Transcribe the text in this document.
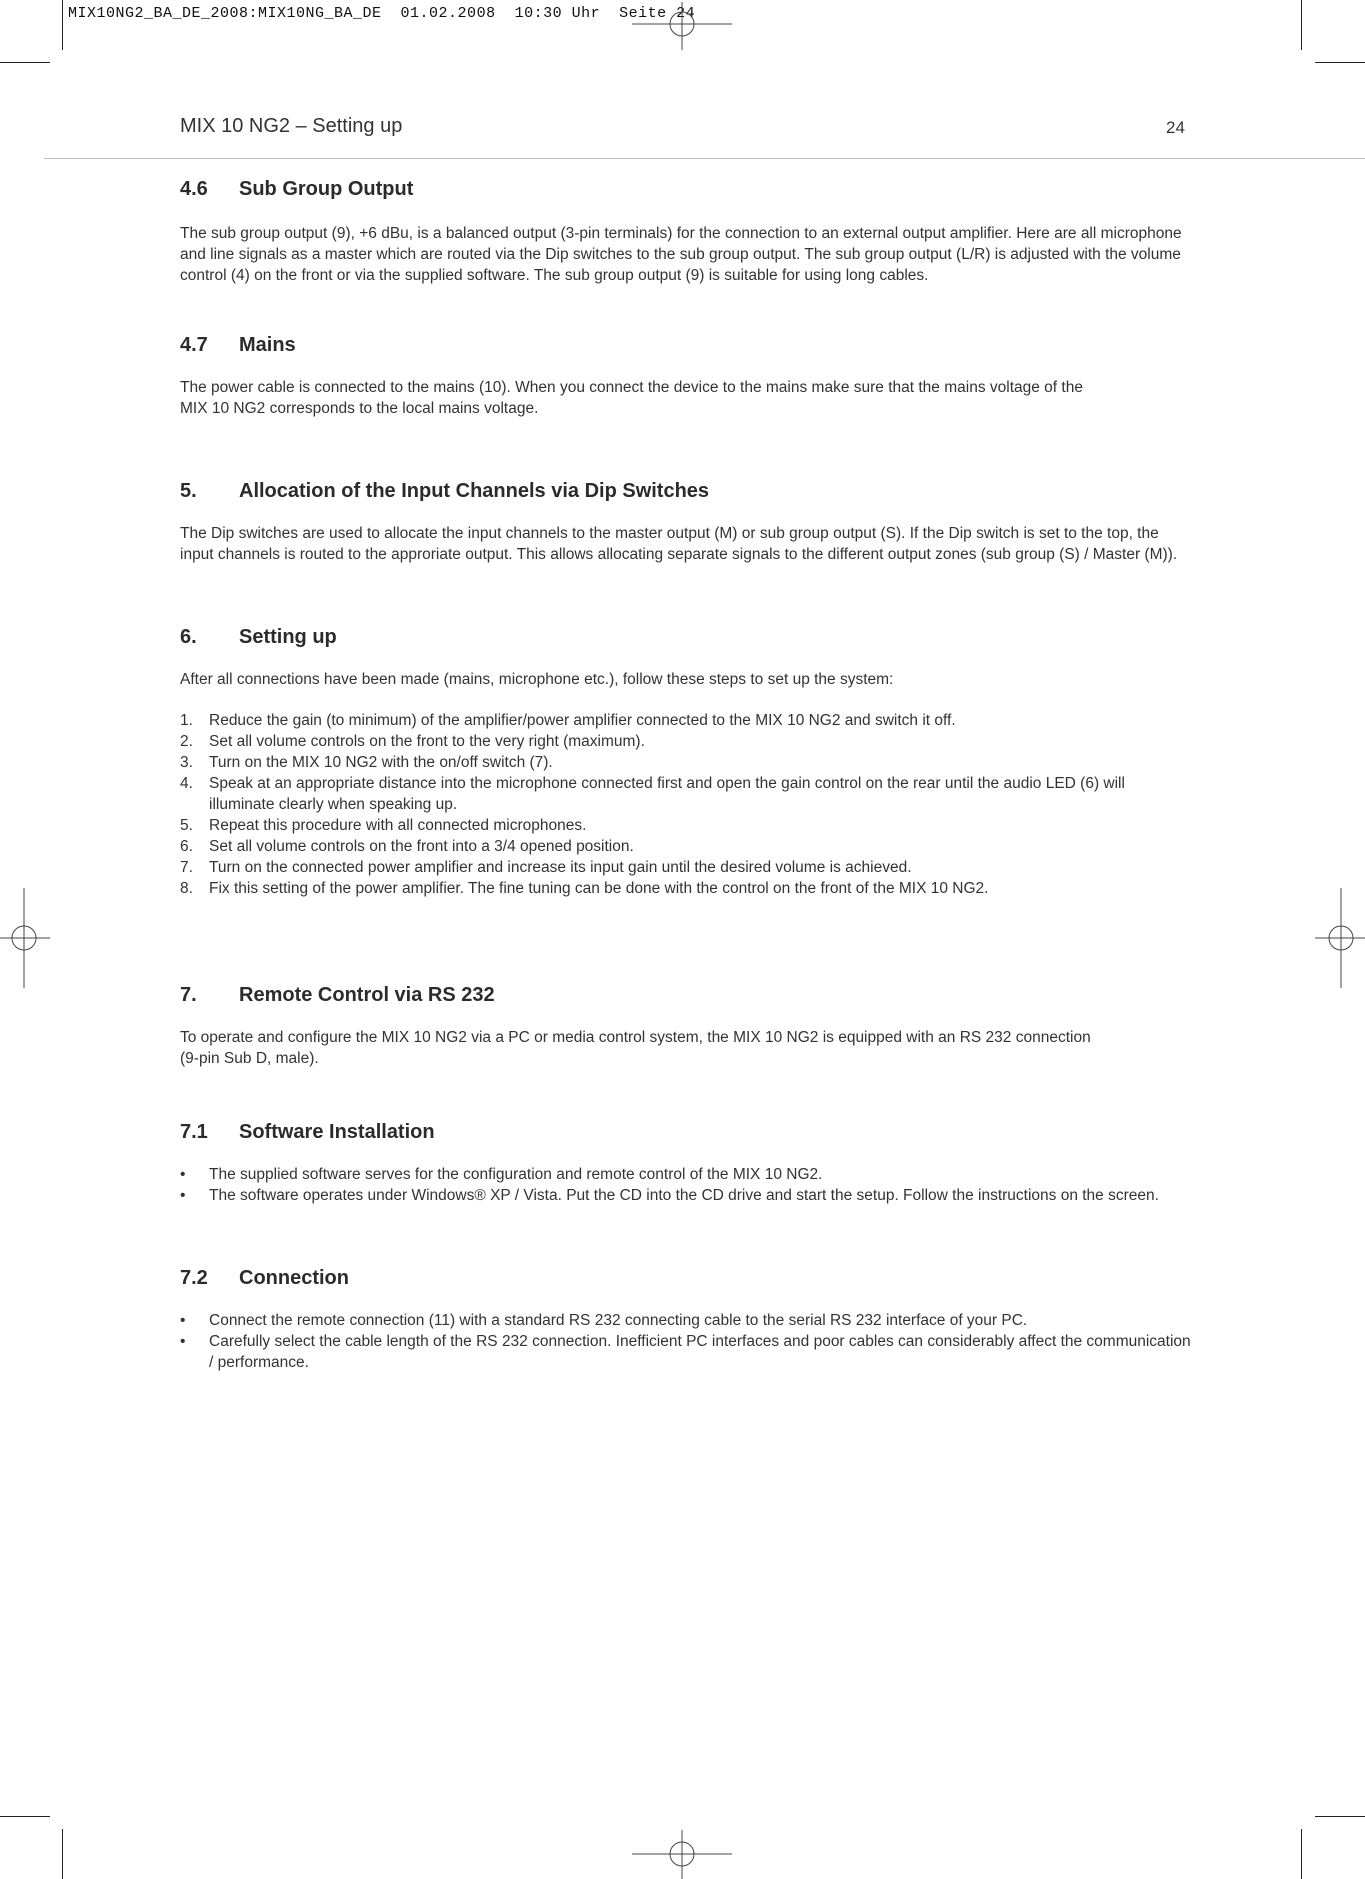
MIX10NG2_BA_DE_2008:MIX10NG_BA_DE  01.02.2008  10:30 Uhr  Seite 24
MIX 10 NG2 – Setting up	24
4.6	Sub Group Output

The sub group output (9), +6 dBu, is a balanced output (3-pin terminals) for the connection to an external output amplifier. Here are all microphone and line signals as a master which are routed via the Dip switches to the sub group output. The sub group output (L/R) is adjusted with the volume control (4) on the front or via the supplied software. The sub group output (9) is suitable for using long cables.

4.7	Mains

The power cable is connected to the mains (10). When you connect the device to the mains make sure that the mains voltage of the

MIX 10 NG2 corresponds to the local mains voltage.

5.	Allocation of the Input Channels via Dip Switches

The Dip switches are used to allocate the input channels to the master output (M) or sub group output (S). If the Dip switch is set to the top, the input channels is routed to the approriate output. This allows allocating separate signals to the different output zones (sub group (S) / Master (M)).

6.	Setting up

After all connections have been made (mains, microphone etc.), follow these steps to set up the system:

1.	Reduce the gain (to minimum) of the amplifier/power amplifier connected to the MIX 10 NG2 and switch it off.
2.	Set all volume controls on the front to the very right (maximum).
3.	Turn on the MIX 10 NG2 with the on/off switch (7).
4.	Speak at an appropriate distance into the microphone connected first and open the gain control on the rear until the audio LED (6) will illuminate clearly when speaking up.
5.	Repeat this procedure with all connected microphones.
6.	Set all volume controls on the front into a 3/4 opened position.
7.	Turn on the connected power amplifier and increase its input gain until the desired volume is achieved.
8.	Fix this setting of the power amplifier. The fine tuning can be done with the control on the front of the MIX 10 NG2.
7.	Remote Control via RS 232

To operate and configure the MIX 10 NG2 via a PC or media control system, the MIX 10 NG2 is equipped with an RS 232 connection

(9-pin Sub D, male).

7.1	Software Installation
•	The supplied software serves for the configuration and remote control of the MIX 10 NG2.
•	The software operates under Windows® XP / Vista. Put the CD into the CD drive and start the setup. Follow the instructions on the screen.
7.2	Connection
•	Connect the remote connection (11) with a standard RS 232 connecting cable to the serial RS 232 interface of your PC.
•	Carefully select the cable length of the RS 232 connection. Inefficient PC interfaces and poor cables can considerably affect the communication / performance.
